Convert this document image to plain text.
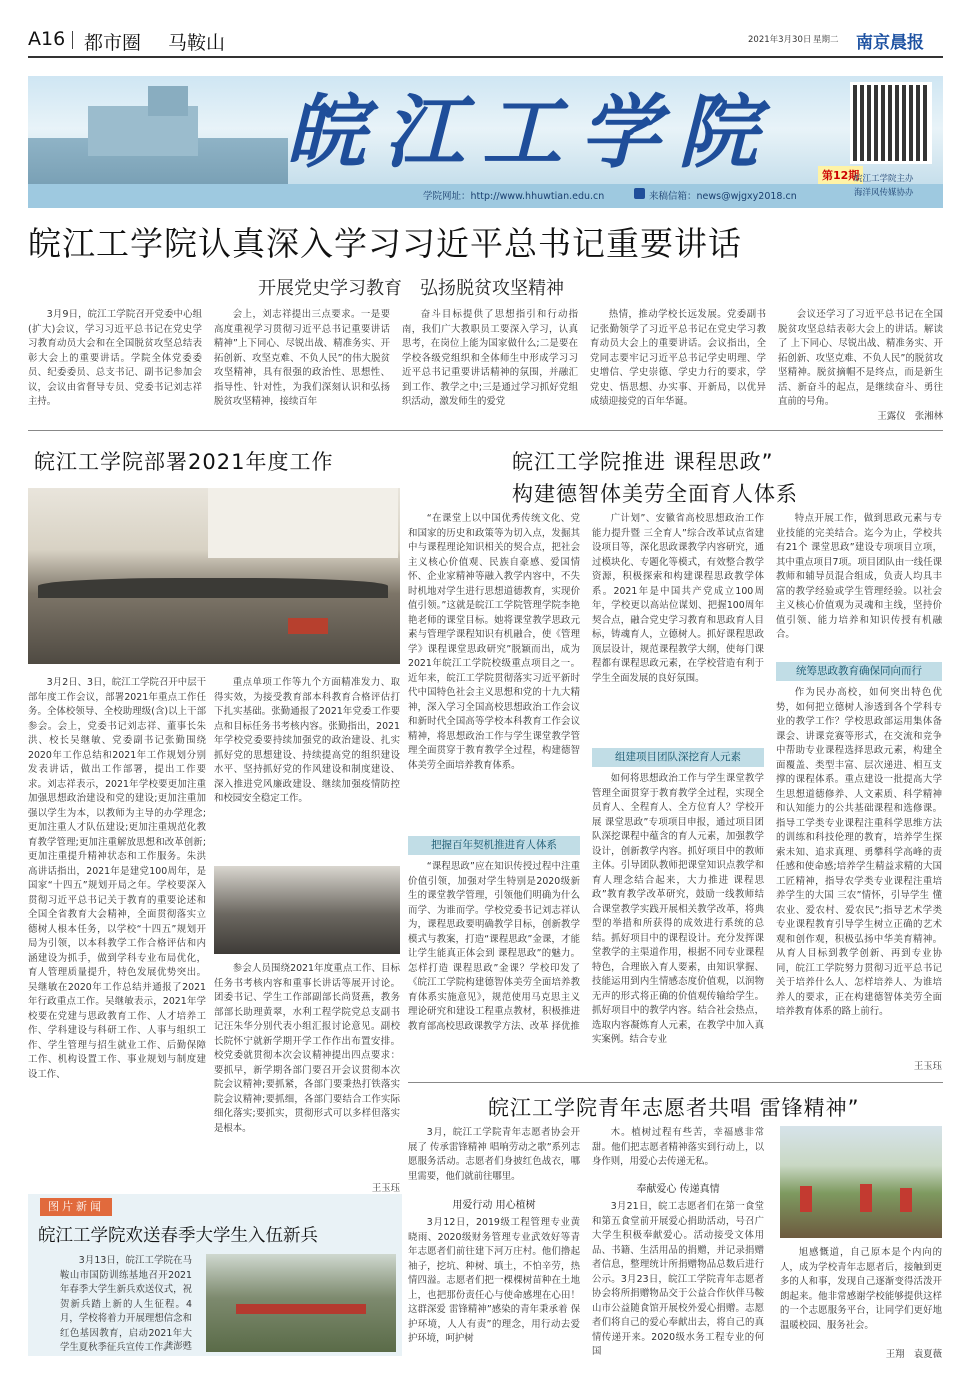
A16 都市圈 马鞍山	2021年3月30日 星期二 南京晨报
皖江工学院
学院网址：http://www.hhuwtian.edu.cn	来稿信箱：news@wjgxy2018.cn
第12期
皖江工学院主办
海洋风传媒协办
皖江工学院认真深入学习习近平总书记重要讲话
开展党史学习教育　弘扬脱贫攻坚精神

3月9日，皖江工学院召开党委中心组(扩大)会议，学习习近平总书记在党史学习教育动员大会和在全国脱贫攻坚总结表彰大会上的重要讲话。学院全体党委委员、纪委委员、总支书记、副书记参加会议，会议由省督导专员、党委书记刘志祥主持。

会上，刘志祥提出三点要求。一是要高度重视学习贯彻习近平总书记重要讲话精神”上下同心、尽锐出战、精准务实、开拓创新、攻坚克难、不负人民”的伟大脱贫攻坚精神，具有很强的政治性、思想性、指导性、针对性，为我们深刻认识和弘扬脱贫攻坚精神，接续百年

奋斗目标提供了思想指引和行动指南，我们广大教职员工要深入学习，认真思考，在岗位上能为国家做什么;二是要在学校各级党组织和全体师生中形成学习习近平总书记重要讲话精神的氛围，并融汇到工作、教学之中;三是通过学习抓好党组织活动，激发师生的爱党

热情，推动学校长远发展。党委副书记张勤领学了习近平总书记在党史学习教育动员大会上的重要讲话。会议指出，全党同志要牢记习近平总书记学史明理、学史增信、学史崇德、学史力行的要求，学党史、悟思想、办实事、开新局，以优异成绩迎接党的百年华诞。

会议还学习了习近平总书记在全国脱贫攻坚总结表彰大会上的讲话。解读了 上下同心、尽锐出战、精准务实、开拓创新、攻坚克难、不负人民”的脱贫攻坚精神。脱贫摘帽不是终点，而是新生活、新奋斗的起点，是继续奋斗、勇往直前的号角。

王露仪　张湘林
皖江工学院部署2021年度工作

3月2日、3日，皖江工学院召开中层干部年度工作会议，部署2021年重点工作任务。全体校领导、全校助理级(含)以上干部参会。会上，党委书记刘志祥、董事长朱洪、校长吴继敏、党委副书记张勤围绕2020年工作总结和2021年工作规划分别发表讲话，做出工作部署，提出工作要求。刘志祥表示，2021年学校要更加注重加强思想政治建设和党的建设;更加注重加强以学生为本，以教师为主导的办学理念;更加注重人才队伍建设;更加注重规范化教育教学管理;更加注重解放思想和改革创新;更加注重提升精神状态和工作服务。朱洪高讲话指出，2021年是建党100周年，是国家“十四五”规划开局之年。学校要深入贯彻习近平总书记关于教育的重要论述和全国全省教育大会精神，全面贯彻落实立德树人根本任务，以学校“十四五”规划开局为引领，以本科教学工作合格评估和内涵建设为抓手，做到学科专业布局优化，育人管理质量提升，特色发展优势突出。吴继敏在2020年工作总结并通报了2021年行政重点工作。吴继敏表示，2021年学校要在党建与思政教育工作、人才培养工作、学科建设与科研工作、人事与组织工作、学生管理与招生就业工作、后勤保障工作、机构设置工作、事业规划与制度建设工作、

重点单项工作等九个方面精准发力、取得实效，为接受教育部本科教育合格评估打下扎实基础。张勤通报了2021年党委工作要点和目标任务书考核内容。张勤指出，2021年学校党委要持续加强党的政治建设、扎实抓好党的思想建设、持续提高党的组织建设水平、坚持抓好党的作风建设和制度建设、深入推进党风廉政建设、继续加强疫情防控和校园安全稳定工作。

参会人员围绕2021年度重点工作、目标任务书考核内容和重事长讲话等展开讨论。团委书记、学生工作部副部长尚贤燕，教务部部长助理黄翠，水利工程学院党总支副书记汪朱华分别代表小组汇报讨论意见。副校长院怀宁就新学期开学工作作出布置安排。校党委就贯彻本次会议精神提出四点要求：要抓早，新学期各部门要召开会议贯彻本次院会议精神;要抓紧，各部门要秉热打铁落实院会议精神;要抓细，各部门要结合工作实际细化落实;要抓实，贯彻形式可以多样但落实是根本。

王玉珏
图片新闻
皖江工学院欢送春季大学生入伍新兵

3月13日，皖江工学院在马鞍山市国防训练基地召开2021年春季大学生新兵欢送仪式，祝贺新兵踏上新的人生征程。4月，学校将着力开展理想信念和红色基因教育，启动2021年大学生夏秋季征兵宣传工作。

龚澎甦
皖江工学院推进 课程思政”
构建德智体美劳全面育人体系

“在课堂上以中国优秀传统文化、党和国家的历史和政策等为切入点，发掘其中与课程理论知识相关的契合点，把社会主义核心价值观、民族自豪感、爱国情怀、企业家精神等融入教学内容中，不失时机地对学生进行思想道德教育，实现价值引领。”这就是皖江工学院管理学院李艳艳老师的课堂目标。她将课堂教学思政元素与管理学课程知识有机融合，使《管理学》课程课堂思政研究”脱颖而出，成为2021年皖江工学院校级重点项目之一。近年来，皖江工学院贯彻落实习近平新时代中国特色社会主义思想和党的十九大精神，深入学习全国高校思想政治工作会议和新时代全国高等学校本科教育工作会议精神，将思想政治工作与学生课堂教学管理全面贯穿于教育教学全过程，构建德智体美劳全面培养教育体系。

把握百年契机推进育人体系

“课程思政”应在知识传授过程中注重价值引领，加强对学生特别是2020级新生的课堂教学管理，引领他们明确为什么而学、为谁而学。学校党委书记刘志祥认为，课程思政要明确教学目标，创新教学模式与教案，打造“课程思政”金课，才能让学生能真正体会到 课程思政”的魅力。怎样打造 课程思政”金课？学校印发了《皖江工学院构建德智体美劳全面培养教育体系实施意见》，规范使用马克思主义理论研究和建设工程重点教材，积极推进教育部高校思政课教学方法、改革 择优推

广计划”、安徽省高校思想政治工作能力提升暨 三全育人”综合改革试点省建设项目等，深化思政课教学内容研究，通过模块化、专题化等模式，有效整合教学资源，积极探索和构建课程思政教学体系。2021年是中国共产党成立100周年，学校更以高站位谋划、把握100周年契合点，融合党史学习教育和思政育人目标，铸魂育人，立德树人。抓好课程思政顶层设计，规范课程教学大纲，使每门课程都有课程思政元素，在学校营造有利于学生全面发展的良好氛围。

组建项目团队深挖育人元素

如何将思想政治工作与学生课堂教学管理全面贯穿于教育教学全过程，实现全员育人、全程育人、全方位育人？学校开展 课堂思政”专项项目申报，通过项目团队深挖课程中蕴含的育人元素，加强教学设计，创新教学内容。抓好项目中的教师主体。引导团队教师把课堂知识点教学和育人理念结合起来，大力推进 课程思政”教育教学改革研究，鼓励一线教师结合课堂教学实践开展相关教学改革，将典型的举措和所获得的成效进行系统的总结。抓好项目中的课程设计。充分发挥课堂教学的主渠道作用，根据不同专业课程特色，合理嵌入育人要素，由知识掌握、技能运用到内生情感态度价值观，以润物无声的形式将正确的价值观传输给学生。抓好项目中的教学内容。结合社会热点，选取内容凝炼育人元素，在教学中加入真实案例。结合专业

特点开展工作，做到思政元素与专业技能的完美结合。迄今为止，学校共有21个 课堂思政”建设专项项目立项，其中重点项目7项。项目团队由一线任课教师和辅导员混合组成，负责人均具丰富的教学经验或学生管理经验。以社会主义核心价值观为灵魂和主线，坚持价值引领、能力培养和知识传授有机融合。

统筹思政教育确保同向而行

作为民办高校，如何突出特色优势，如何把立德树人渗透到各个学科专业的教学工作？学校思政部运用集体备课会、讲课竞赛等形式，在交流和竞争中帮助专业课程选择思政元素，构建全面覆盖、类型丰富、层次递进、相互支撑的课程体系。重点建设一批提高大学生思想道德修养、人文素质、科学精神和认知能力的公共基础课程和选修课。指导工学类专业课程注重科学思维方法的训练和科技伦理的教育，培养学生探索未知、追求真理、勇攀科学高峰的责任感和使命感;培养学生精益求精的大国工匠精神，指导农学类专业课程注重培养学生的大国 三农”情怀，引导学生 懂农业、爱农村、爱农民”;指导艺术学类专业课程教育引导学生树立正确的艺术观和创作观，积极弘扬中华美育精神。从育人目标到教学创新、再到专业协同，皖江工学院努力贯彻习近平总书记关于培养什么人、怎样培养人、为谁培养人的要求，正在构建德智体美劳全面培养教育体系的路上前行。

王玉珏
皖江工学院青年志愿者共唱 雷锋精神”

3月，皖江工学院青年志愿者协会开展了 传承雷锋精神 唱响劳动之歌”系列志愿服务活动。志愿者们身披红色战衣，哪里需要，他们就前往哪里。

用爱行动 用心植树

3月12日，2019级工程管理专业黄晓雨、2020级财务管理专业武效好等青年志愿者们前往建下河万庄村。他们撸起袖子，挖坑、种树、填土，不怕辛劳，热情四溢。志愿者们把一棵棵树苗种在土地上，也把那份责任心与使命感埋在心田！这群深爱 雷锋精神”感染的青年秉承着 保护环境，人人有责”的理念，用行动去爱护环境，呵护树

木。植树过程有些苦，幸福感非常甜。他们把志愿者精神落实到行动上，以身作则，用爱心去传递无私。

奉献爱心 传递真情

3月21日，皖工志愿者们在第一食堂和第五食堂前开展爱心捐助活动，号召广大学生积极奉献爱心。活动接受文体用品、书籍、生活用品的捐赠，并记录捐赠者信息，整理统计所捐赠物品总数后进行公示。3月23日，皖江工学院青年志愿者协会将所捐赠物品交于公益合作伙伴马鞍山市公益随食馆开展校外爱心捐赠。志愿者们将自己的爱心奉献出去，将自己的真情传递开来。2020级水务工程专业的何国

旭感慨道，自己原本是个内向的人，成为学校青年志愿者后，接触到更多的人和事，发现自己逐渐变得活泼开朗起来。他非常感谢学校能够提供这样的一个志愿服务平台，让同学们更好地温暖校园、服务社会。

王翔　袁夏薇
